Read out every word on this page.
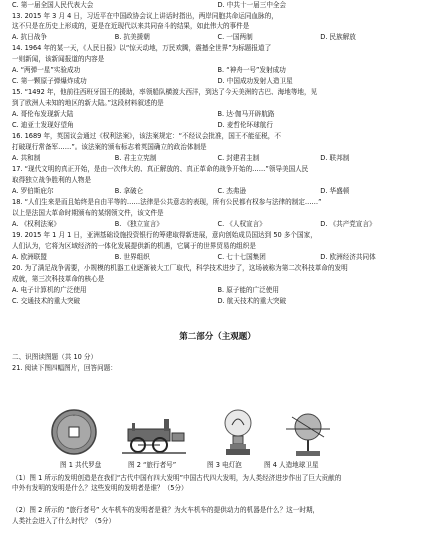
C. 第一届全国人民代表大会	D. 中共十一届三中全会
13. 2015 年 3 月 4 日，习近平在中国政协会议上讲话时指出，两岸同胞共命运同血脉的，
这不只是在历史上形成的，更是在近现代以来共同奋斗的结果，如此伟大的事件是
A. 抗日战争	B. 抗美援朝	C. 一国两制	D. 民族解放
14. 1964 年的某一天，《人民日报》以“惊天动地，万民欢腾，震撼全世界”为标题报道了
一则新闻，该新闻报道的内容是
A. “两弹一星”实验成功	B. “神舟一号”发射成功
C. 第一颗原子弹爆炸成功	D. 中国成功发射人造卫星
15. “1492 年，他前往西班牙国王的援助，率领船队横渡大西洋，到达了今天美洲的古巴、海地等地，见
到了欧洲人未知的地区的新大陆。”这段材料叙述的是
A. 哥伦布发现新大陆	B. 达·伽马开辟航路
C. 迪亚士发现好望角	D. 麦哲伦环球航行
16. 1689 年，英国议会通过《权利法案》，该法案规定：“不经议会批准，国王不能征税，不
打破现行常备军……”。该法案的颁布标志着英国确立的政治体制是
A. 共和制	B. 君主立宪制	C. 封建君主制	D. 联邦制
17. “现代文明的真正开始，是由一次伟大的、真正解放的、真正革命的战争开始的……”领导美国人民
取得独立战争胜利的人物是
A. 罗伯斯庇尔	B. 拿破仑	C. 杰弗逊	D. 华盛顿
18. “人们生来是而且始终是自由平等的……法律是公共意志的表现，所有公民都有权参与法律的制定……”
以上是法国大革命时期颁布的某纲领文件，该文件是
A. 《权利法案》	B. 《独立宣言》	C. 《人权宣言》	D. 《共产党宣言》
19. 2015 年 1 月 1 日，亚洲基础设施投资银行的筹建取得新进展，意向创始成员国达到 50 多个国家，
人们认为，它将为区域经济的一体化发展提供新的机遇，它属于的世界贸易的组织是
A. 欧洲联盟	B. 世界组织	C. 七十七国集团	D. 欧洲经济共同体
20. 为了满足战争需要，小规模的机器工业逐渐被大工厂取代，科学技术进步了，这场被称为第二次科技革命的发明
成就，第三次科技革命的核心是
A. 电子计算机的广泛使用	B. 原子能的广泛使用
C. 交通技术的重大突破	D. 航天技术的重大突破
第二部分（主观题）
二、识图读图题（共 10 分）
21. 阅读下图四幅图片，回答问题：
·
图 1 共代罗盘	图 2 “旅行者号”	图 3 电灯泡	图 4 人造地球卫星
（1）图 1 所示的发明创造是在我们“古代中国有四大发明”中国古代四大发明，为人类经济进步作出了巨大贡献的
中外有发明的发明是什么？这些发明的发明者是谁？（5分）
（2）图 2 所示的 “旅行者号” 火车机车的发明者是谁？为火车机车的提供动力的机器是什么？这一时期，
人类社会进入了什么时代？（5分）
